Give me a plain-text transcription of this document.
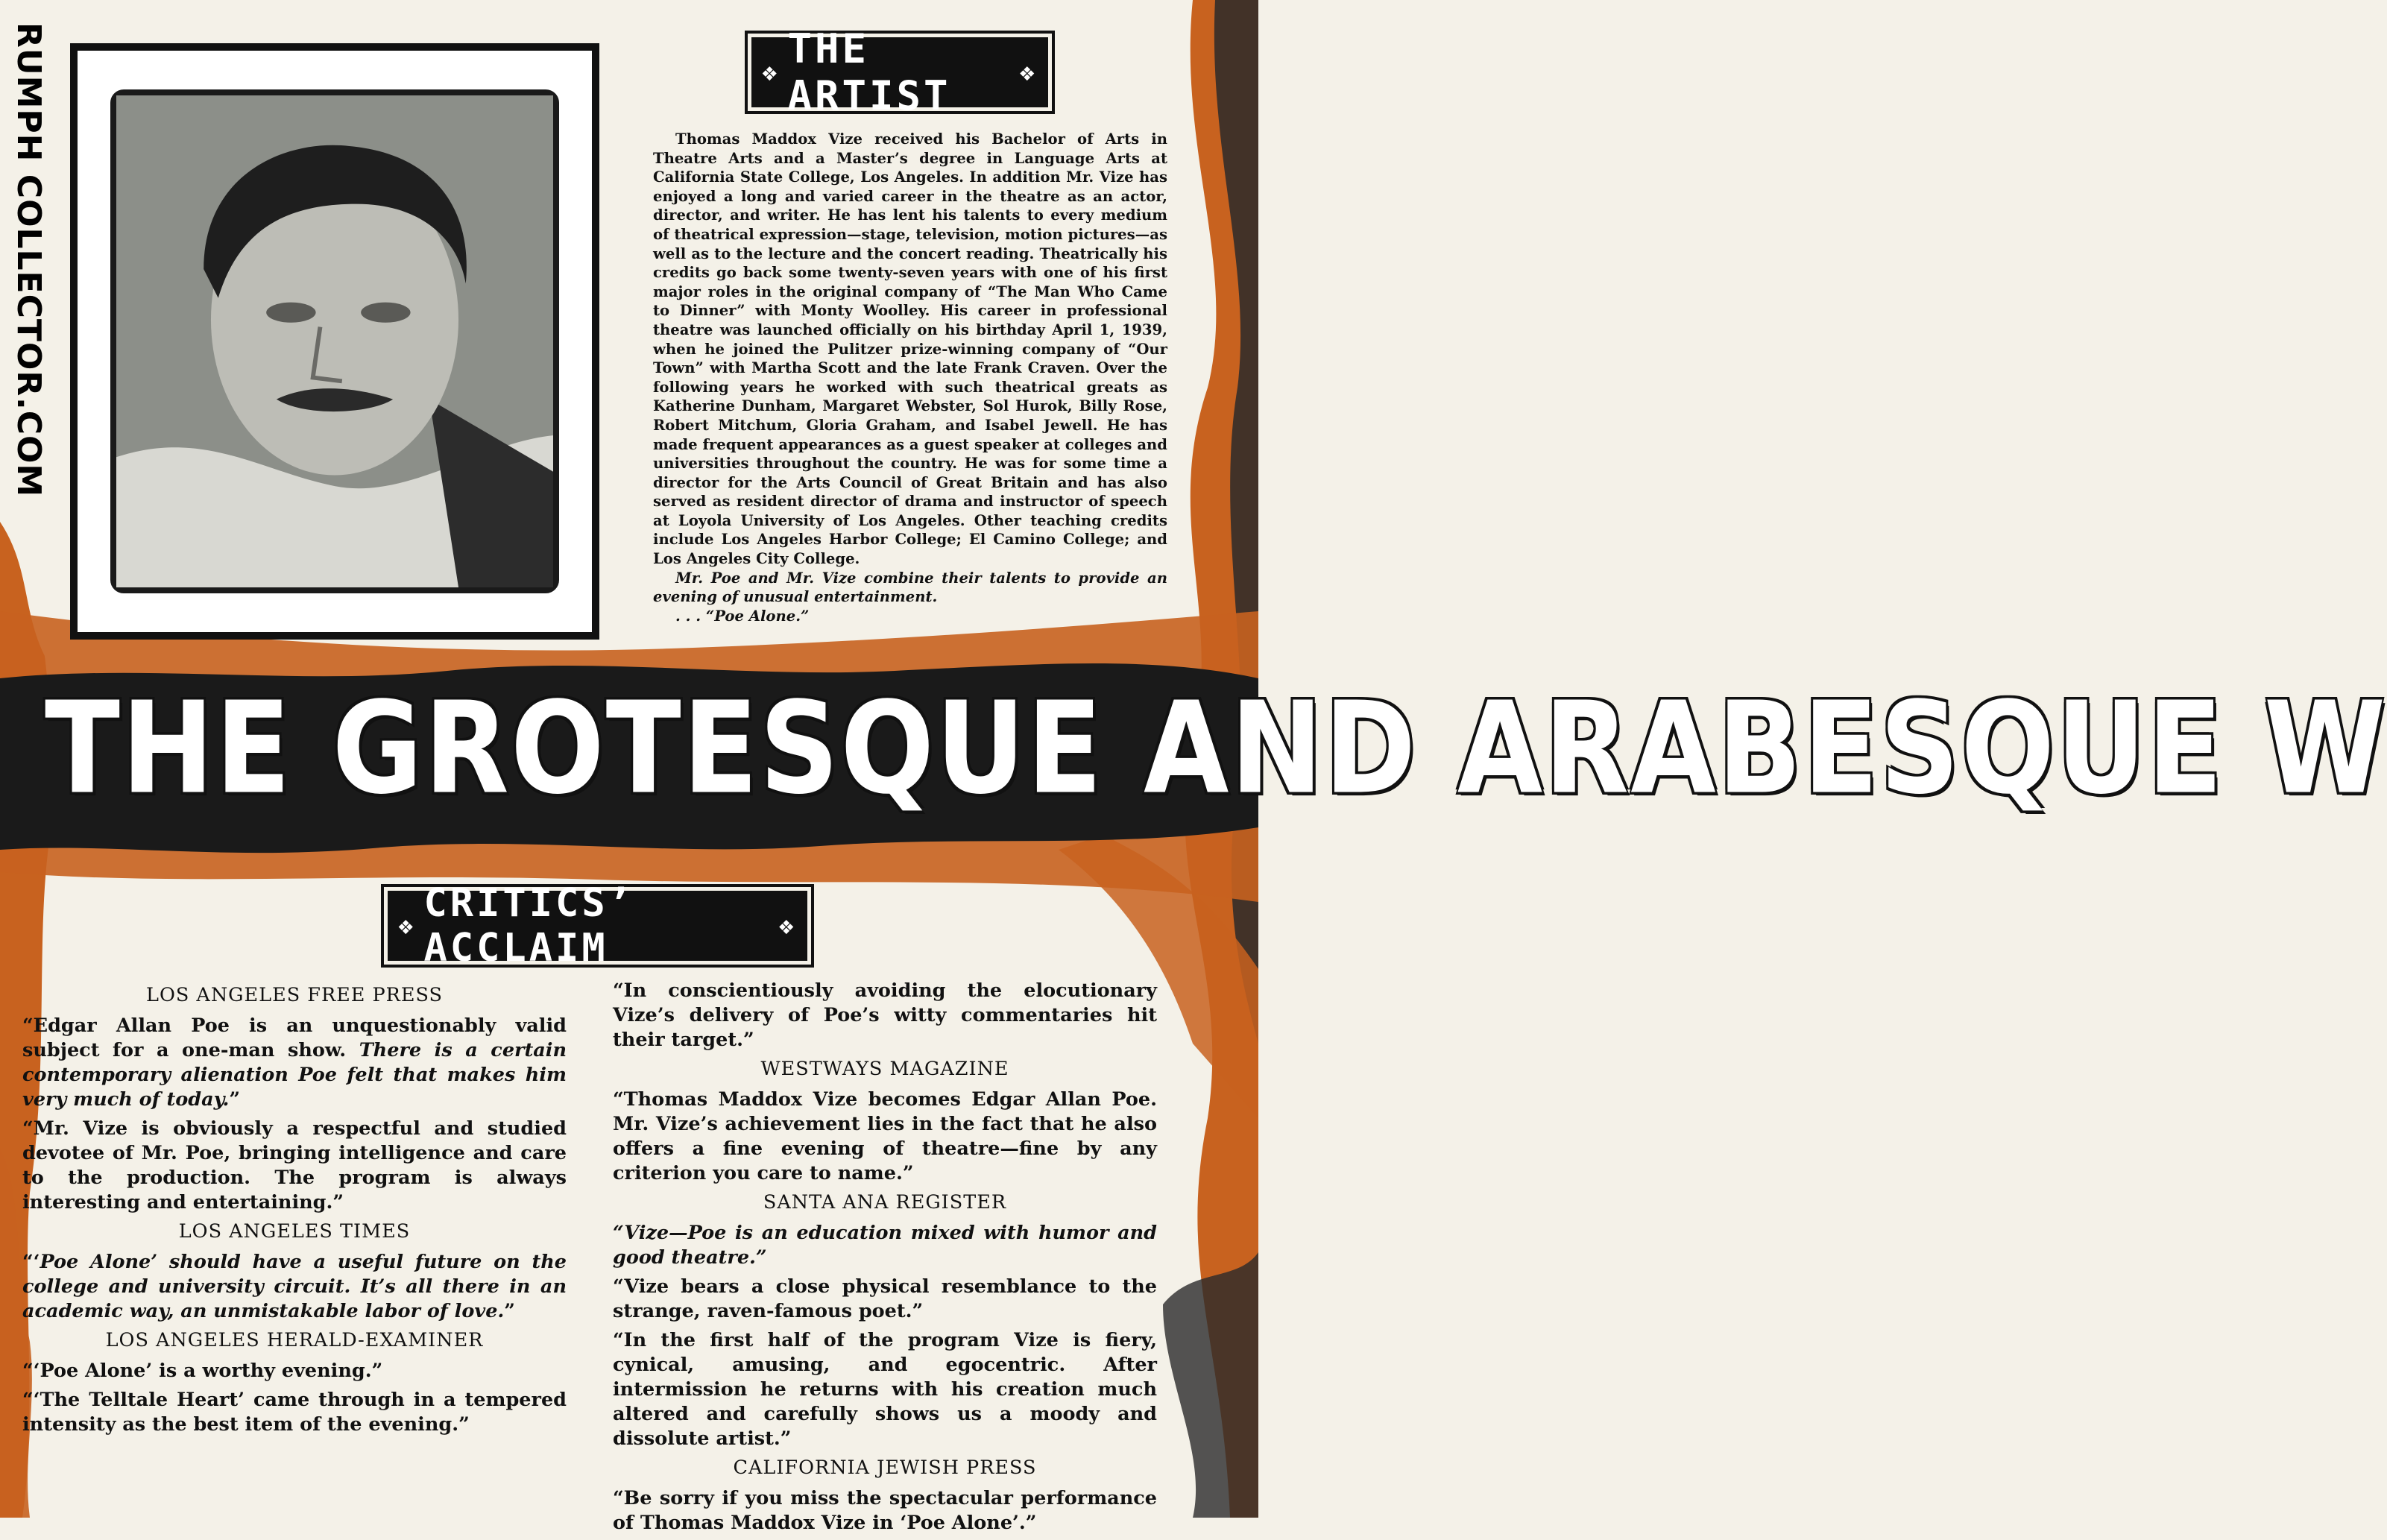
RUMPH COLLECTOR.COM	❖ THE ARTIST	❖

Thomas Maddox Vize received his Bachelor of Arts in Theatre Arts and a Master’s degree in Language Arts at California State College, Los Angeles. In addition Mr. Vize has enjoyed a long and varied career in the theatre as an actor, director, and writer. He has lent his talents to every medium of theatrical expression—stage, television, motion pictures—as well as to the lecture and the concert reading. Theatrically his credits go back some twenty-seven years with one of his first major roles in the original company of “The Man Who Came to Dinner” with Monty Woolley. His career in professional theatre was launched officially on his birthday April 1, 1939, when he joined the Pulitzer prize-winning company of “Our Town” with Martha Scott and the late Frank Craven. Over the following years he worked with such theatrical greats as Katherine Dunham, Margaret Webster, Sol Hurok, Billy Rose, Robert Mitchum, Gloria Graham, and Isabel Jewell. He has made frequent appearances as a guest speaker at colleges and universities throughout the country. He was for some time a director for the Arts Council of Great Britain and has also served as resident director of drama and instructor of speech at Loyola University of Los Angeles. Other teaching credits include Los Angeles Harbor College; El Camino College; and Los Angeles City College.

Mr. Poe and Mr. Vize combine their talents to provide an evening of unusual entertainment.

. . . “Poe Alone.”
THE GROTESQUE AND ARABESQUE W
❖ CRITICS’ ACCLAIM	❖
LOS ANGELES FREE PRESS

“Edgar Allan Poe is an unquestionably valid subject for a one-man show. There is a certain contemporary alienation Poe felt that makes him very much of today.”

“Mr. Vize is obviously a respectful and studied devotee of Mr. Poe, bringing intelligence and care to the production. The program is always interesting and entertaining.”

LOS ANGELES TIMES

“‘Poe Alone’ should have a useful future on the college and university circuit. It’s all there in an academic way, an unmistakable labor of love.”

LOS ANGELES HERALD-EXAMINER

“‘Poe Alone’ is a worthy evening.”

“‘The Telltale Heart’ came through in a tempered intensity as the best item of the evening.”

“In conscientiously avoiding the elocutionary Vize’s delivery of Poe’s witty commentaries hit their target.”

WESTWAYS MAGAZINE

“Thomas Maddox Vize becomes Edgar Allan Poe. Mr. Vize’s achievement lies in the fact that he also offers a fine evening of theatre—fine by any criterion you care to name.”

SANTA ANA REGISTER

“Vize—Poe is an education mixed with humor and good theatre.”

“Vize bears a close physical resemblance to the strange, raven-famous poet.”

“In the first half of the program Vize is fiery, cynical, amusing, and egocentric. After intermission he returns with his creation much altered and carefully shows us a moody and dissolute artist.”

CALIFORNIA JEWISH PRESS

“Be sorry if you miss the spectacular performance of Thomas Maddox Vize in ‘Poe Alone’.”
